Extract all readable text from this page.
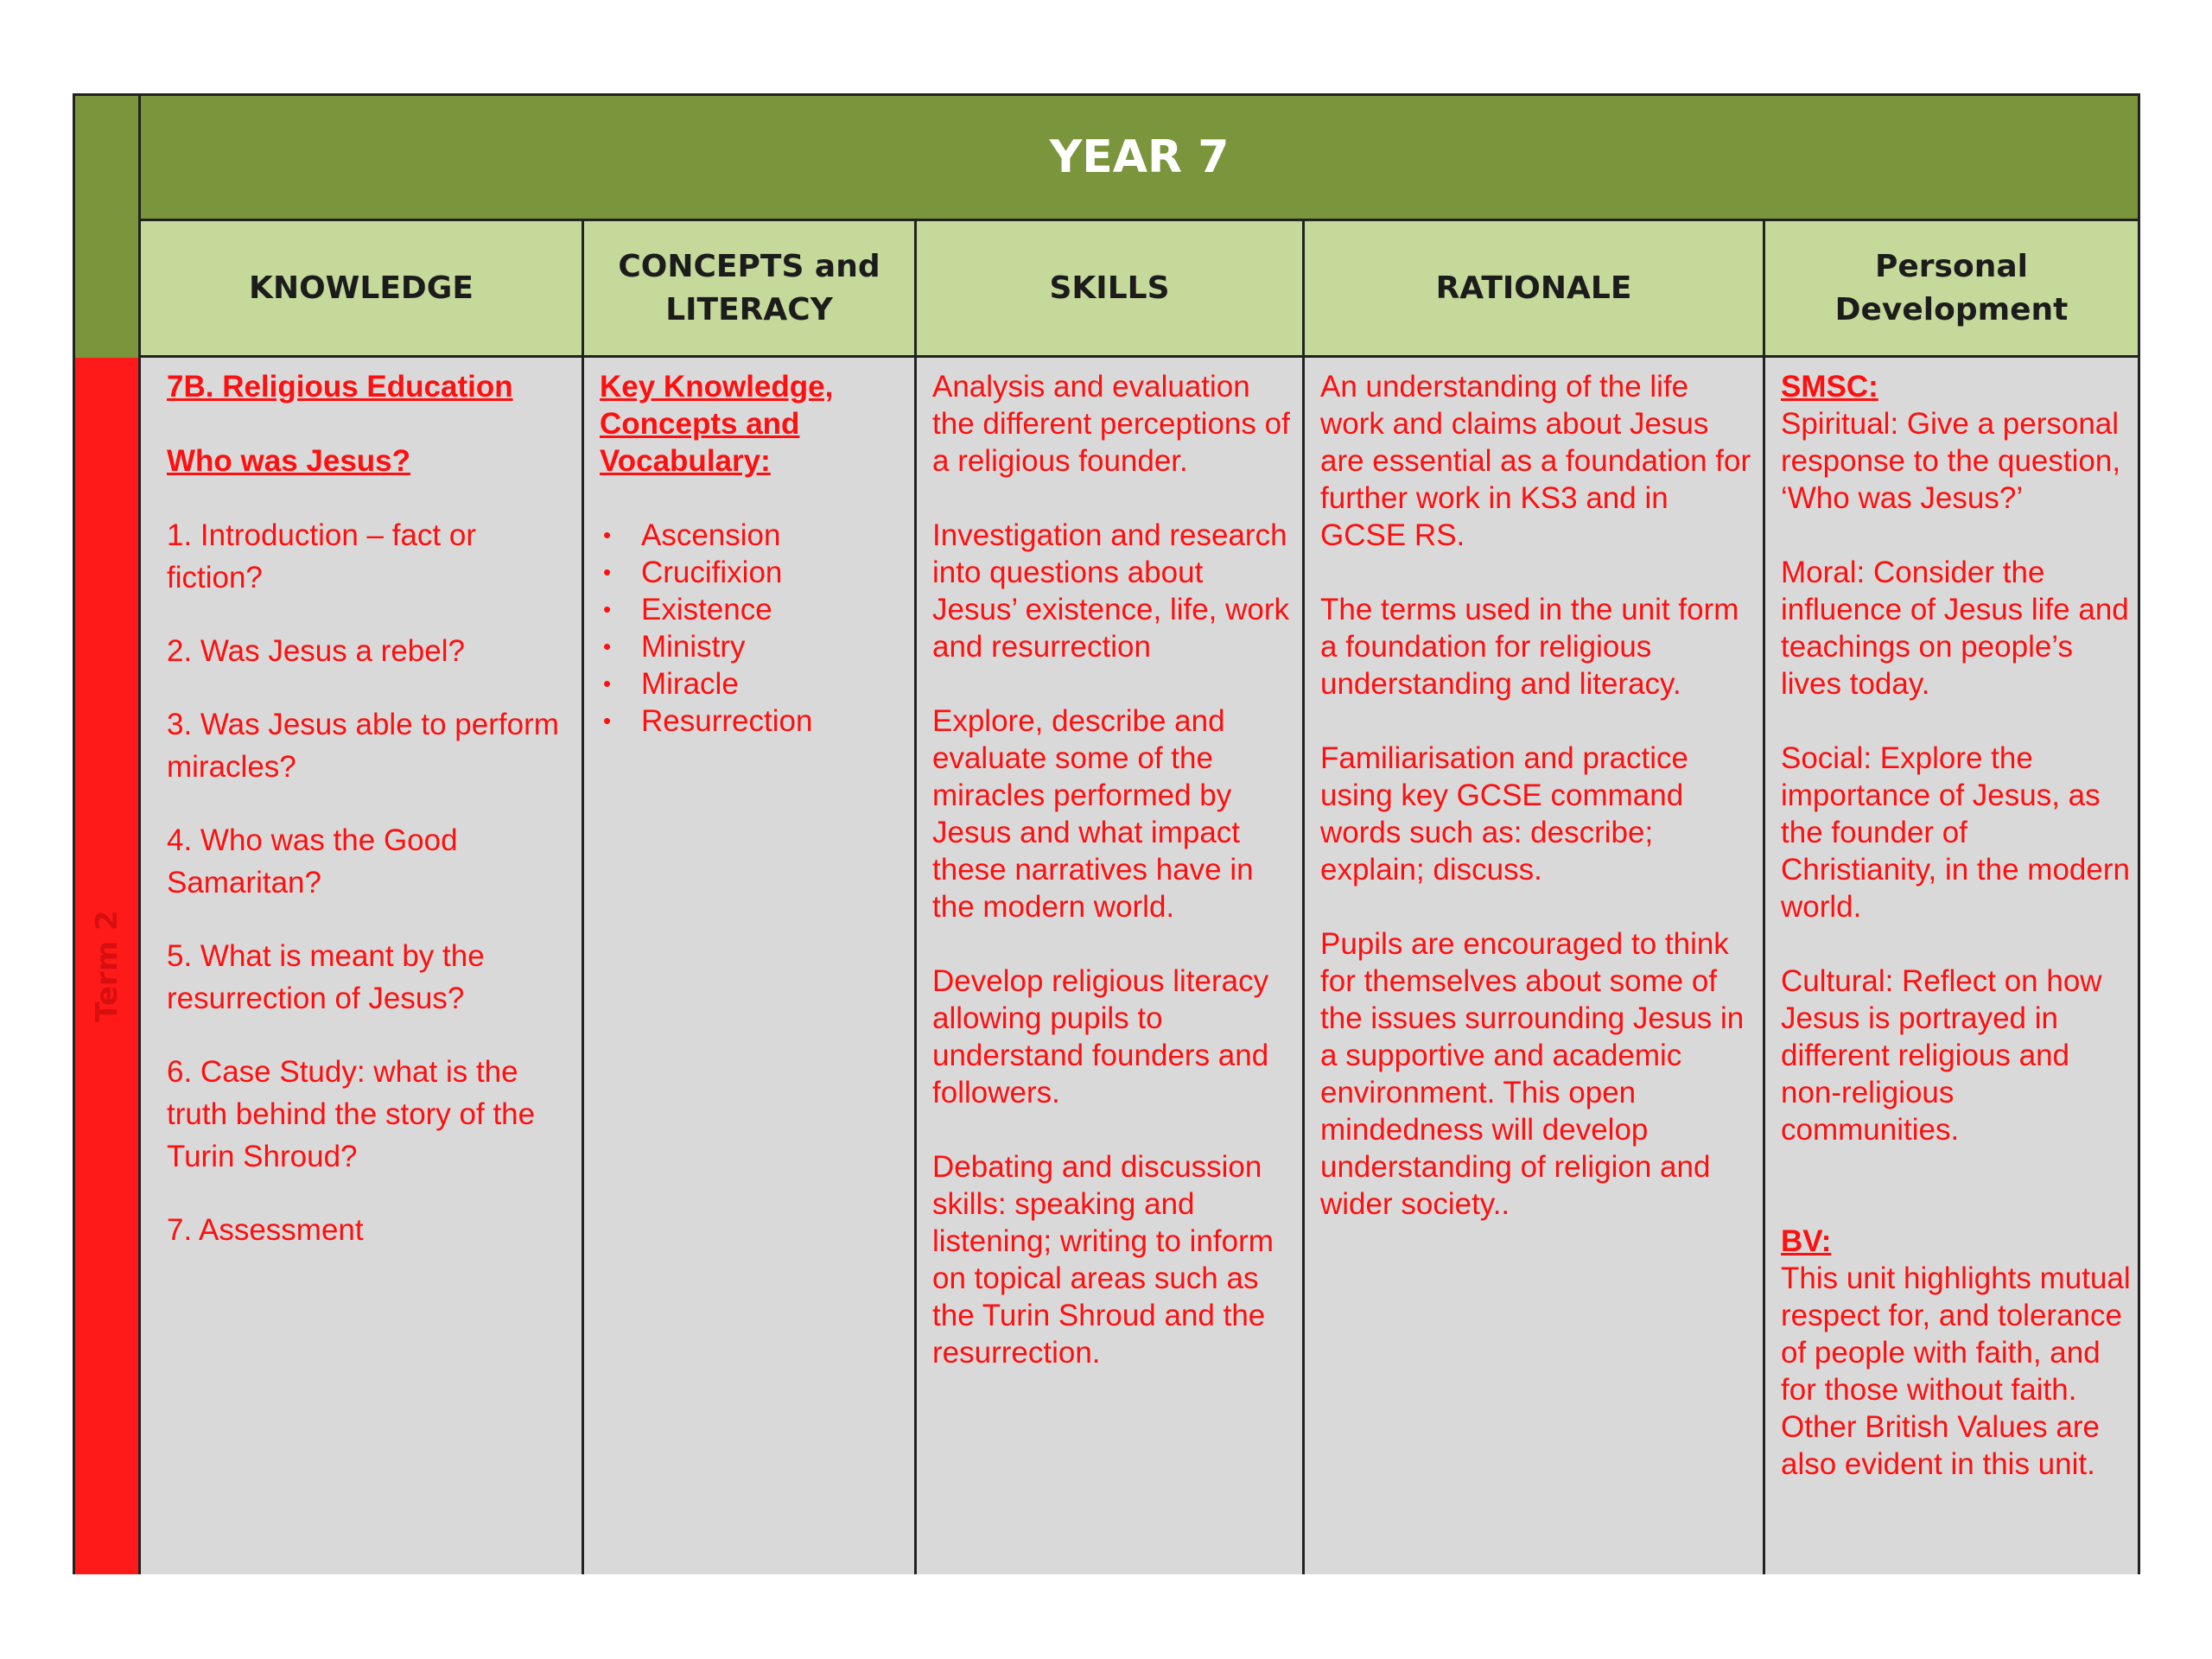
Term 2
YEAR 7
KNOWLEDGE
CONCEPTS and
LITERACY
SKILLS	RATIONALE
Personal
Development

7B. Religious Education

Who was Jesus?

1. Introduction – fact or fiction?

2. Was Jesus a rebel?

3. Was Jesus able to perform miracles?

4. Who was the Good Samaritan?

5. What is meant by the resurrection of Jesus?

6. Case Study: what is the truth behind the story of the Turin Shroud?

7. Assessment

Key Knowledge, Concepts and Vocabulary:

• Ascension
• Crucifixion
• Existence
• Ministry
• Miracle
• Resurrection

Analysis and evaluation the different perceptions of a religious founder.

Investigation and research into questions about Jesus’ existence, life, work and resurrection

Explore, describe and evaluate some of the miracles performed by Jesus and what impact these narratives have in the modern world.

Develop religious literacy allowing pupils to understand founders and followers.

Debating and discussion skills: speaking and listening; writing to inform on topical areas such as the Turin Shroud and the resurrection.

An understanding of the life work and claims about Jesus are essential as a foundation for further work in KS3 and in GCSE RS.

The terms used in the unit form a foundation for religious understanding and literacy.

Familiarisation and practice using key GCSE command words such as: describe; explain; discuss.

Pupils are encouraged to think for themselves about some of the issues surrounding Jesus in a supportive and academic environment. This open mindedness will develop understanding of religion and wider society..

SMSC:

Spiritual: Give a personal response to the question, ‘Who was Jesus?’

Moral: Consider the influence of Jesus life and teachings on people’s lives today.

Social: Explore the importance of Jesus, as the founder of Christianity, in the modern world.

Cultural: Reflect on how Jesus is portrayed in different religious and non-religious communities.

BV:

This unit highlights mutual respect for, and tolerance of people with faith, and for those without faith. Other British Values are also evident in this unit.
